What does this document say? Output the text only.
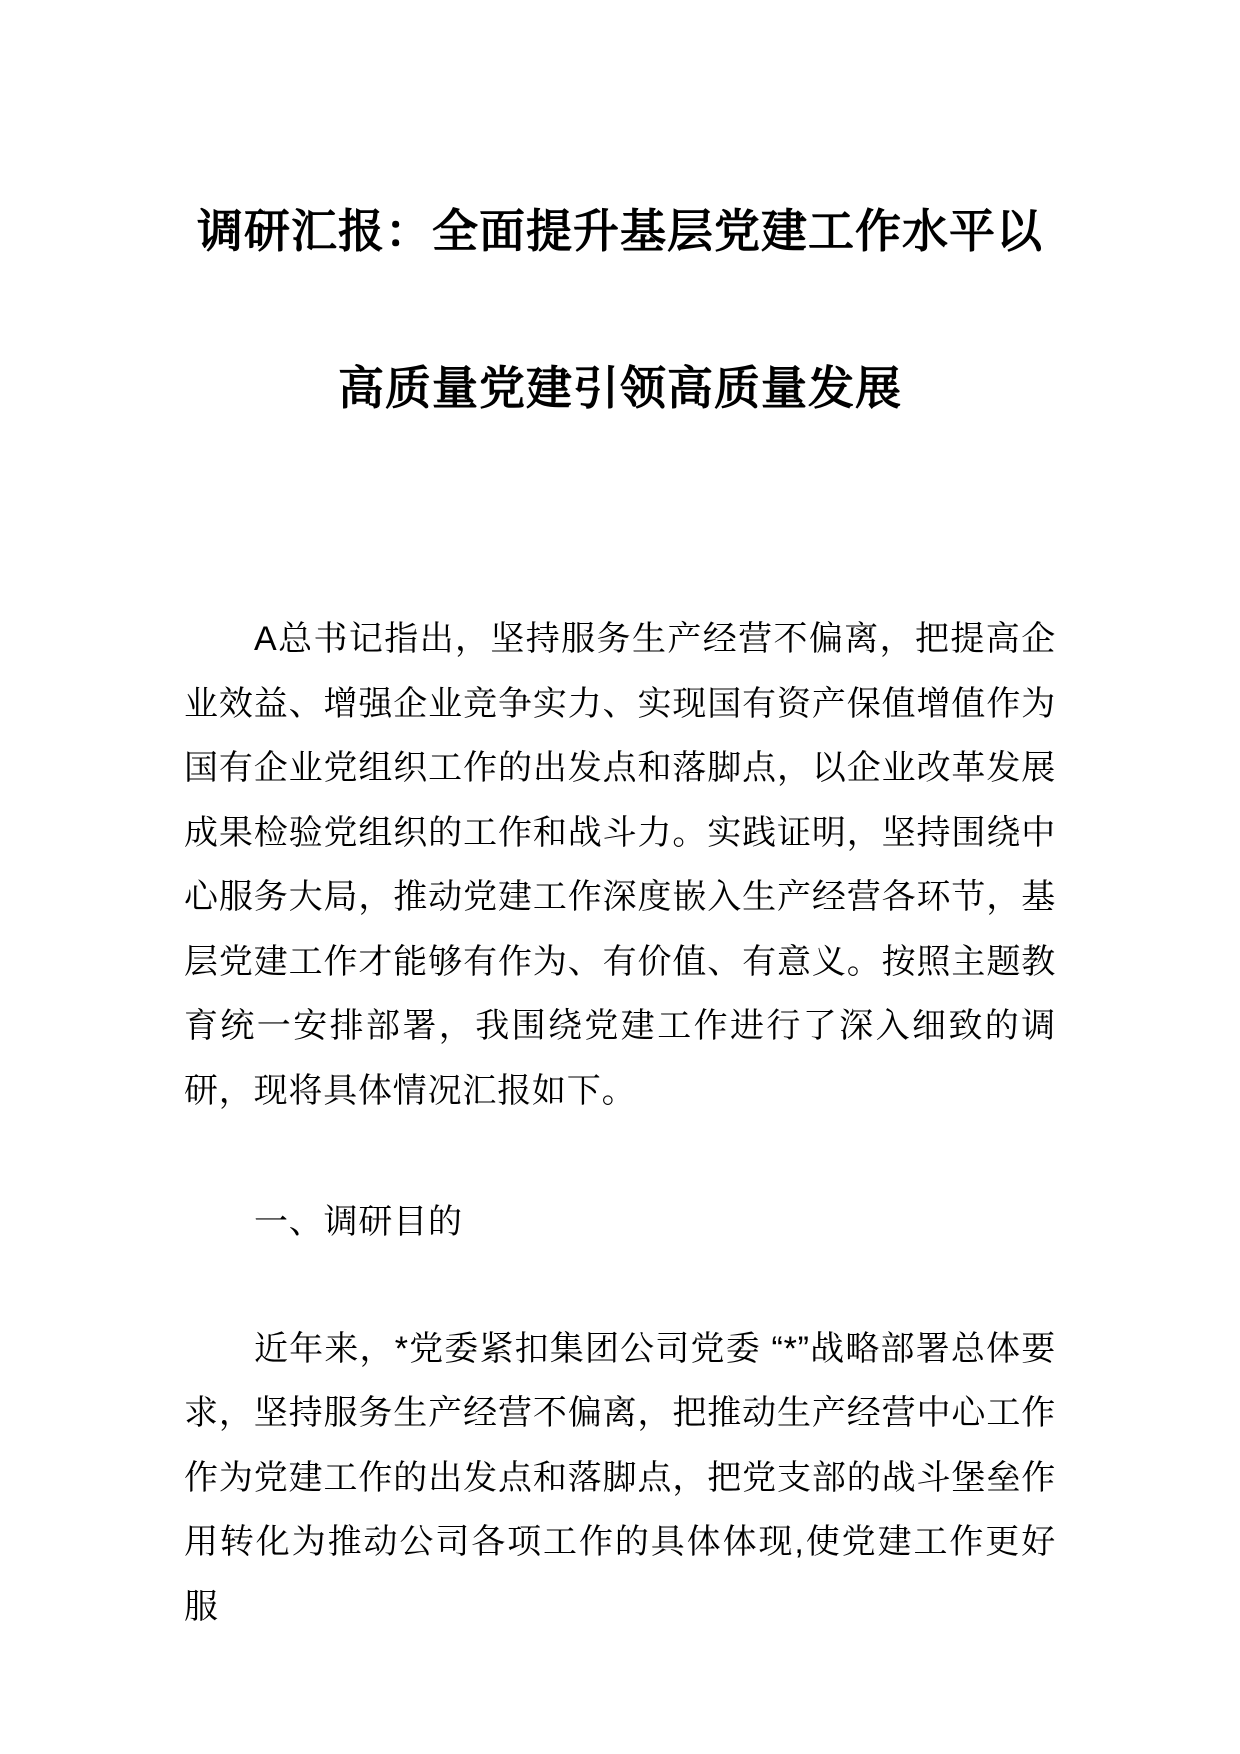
调研汇报：全面提升基层党建工作水平以
高质量党建引领高质量发展

A总书记指出，坚持服务生产经营不偏离，把提高企业效益、增强企业竞争实力、实现国有资产保值增值作为国有企业党组织工作的出发点和落脚点，以企业改革发展成果检验党组织的工作和战斗力。实践证明，坚持围绕中心服务大局，推动党建工作深度嵌入生产经营各环节，基层党建工作才能够有作为、有价值、有意义。按照主题教育统一安排部署，我围绕党建工作进行了深入细致的调研，现将具体情况汇报如下。

一、调研目的

近年来，*党委紧扣集团公司党委 “*”战略部署总体要求，坚持服务生产经营不偏离，把推动生产经营中心工作作为党建工作的出发点和落脚点，把党支部的战斗堡垒作用转化为推动公司各项工作的具体体现,使党建工作更好服
